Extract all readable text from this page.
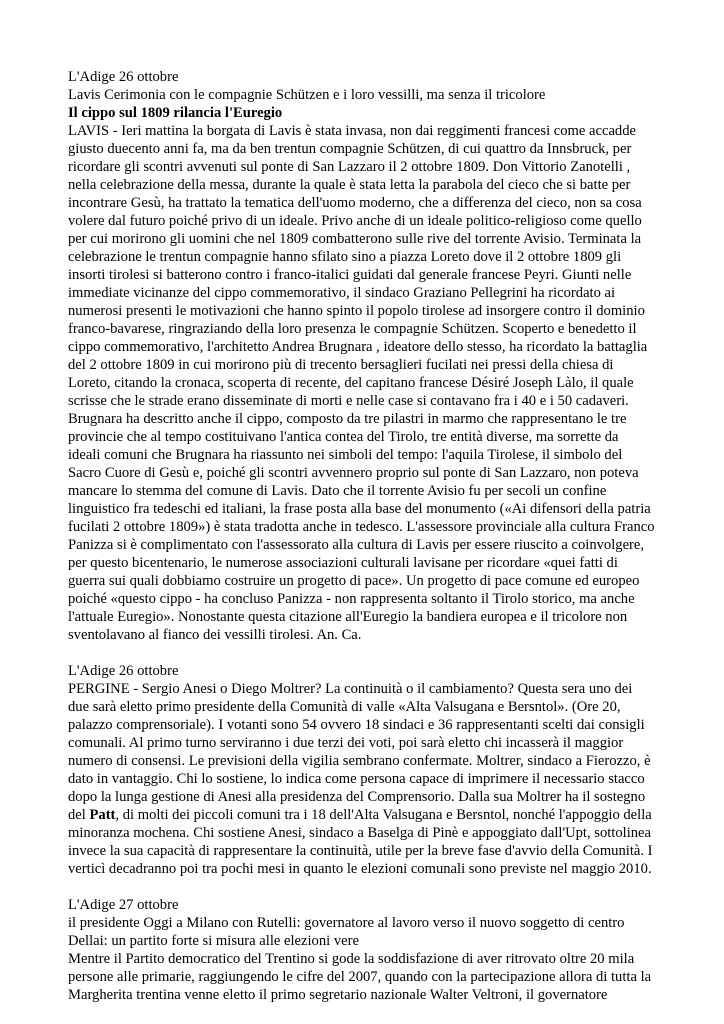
L'Adige 26 ottobre
Lavis Cerimonia con le compagnie Schützen e i loro vessilli, ma senza il tricolore
Il cippo sul 1809 rilancia l'Euregio
LAVIS - Ieri mattina la borgata di Lavis è stata invasa, non dai reggimenti francesi come accadde
giusto duecento anni fa, ma da ben trentun compagnie Schützen, di cui quattro da Innsbruck, per
ricordare gli scontri avvenuti sul ponte di San Lazzaro il 2 ottobre 1809. Don Vittorio Zanotelli ,
nella celebrazione della messa, durante la quale è stata letta la parabola del cieco che si batte per
incontrare Gesù, ha trattato la tematica dell'uomo moderno, che a differenza del cieco, non sa cosa
volere dal futuro poiché privo di un ideale. Privo anche di un ideale politico-religioso come quello
per cui morirono gli uomini che nel 1809 combatterono sulle rive del torrente Avisio. Terminata la
celebrazione le trentun compagnie hanno sfilato sino a piazza Loreto dove il 2 ottobre 1809 gli
insorti tirolesi si batterono contro i franco-italici guidati dal generale francese Peyri. Giunti nelle
immediate vicinanze del cippo commemorativo, il sindaco Graziano Pellegrini ha ricordato ai
numerosi presenti le motivazioni che hanno spinto il popolo tirolese ad insorgere contro il dominio
franco-bavarese, ringraziando della loro presenza le compagnie Schützen. Scoperto e benedetto il
cippo commemorativo, l'architetto Andrea Brugnara , ideatore dello stesso, ha ricordato la battaglia
del 2 ottobre 1809 in cui morirono più di trecento bersaglieri fucilati nei pressi della chiesa di
Loreto, citando la cronaca, scoperta di recente, del capitano francese Désiré Joseph Làlo, il quale
scrisse che le strade erano disseminate di morti e nelle case si contavano fra i 40 e i 50 cadaveri.
Brugnara ha descritto anche il cippo, composto da tre pilastri in marmo che rappresentano le tre
provincie che al tempo costituivano l'antica contea del Tirolo, tre entità diverse, ma sorrette da
ideali comuni che Brugnara ha riassunto nei simboli del tempo: l'aquila Tirolese, il simbolo del
Sacro Cuore di Gesù e, poiché gli scontri avvennero proprio sul ponte di San Lazzaro, non poteva
mancare lo stemma del comune di Lavis. Dato che il torrente Avisio fu per secoli un confine
linguistico fra tedeschi ed italiani, la frase posta alla base del monumento («Ai difensori della patria
fucilati 2 ottobre 1809») è stata tradotta anche in tedesco. L'assessore provinciale alla cultura Franco
Panizza si è complimentato con l'assessorato alla cultura di Lavis per essere riuscito a coinvolgere,
per questo bicentenario, le numerose associazioni culturali lavisane per ricordare «quei fatti di
guerra sui quali dobbiamo costruire un progetto di pace». Un progetto di pace comune ed europeo
poiché «questo cippo - ha concluso Panizza - non rappresenta soltanto il Tirolo storico, ma anche
l'attuale Euregio». Nonostante questa citazione all'Euregio la bandiera europea e il tricolore non
sventolavano al fianco dei vessilli tirolesi. An. Ca.
L'Adige 26 ottobre
PERGINE - Sergio Anesi o Diego Moltrer? La continuità o il cambiamento? Questa sera uno dei
due sarà eletto primo presidente della Comunità di valle «Alta Valsugana e Bersntol». (Ore 20,
palazzo comprensoriale). I votanti sono 54 ovvero 18 sindaci e 36 rappresentanti scelti dai consigli
comunali. Al primo turno serviranno i due terzi dei voti, poi sarà eletto chi incasserà il maggior
numero di consensi. Le previsioni della vigilia sembrano confermate. Moltrer, sindaco a Fierozzo, è
dato in vantaggio. Chi lo sostiene, lo indica come persona capace di imprimere il necessario stacco
dopo la lunga gestione di Anesi alla presidenza del Comprensorio. Dalla sua Moltrer ha il sostegno
del Patt, di molti dei piccoli comuni tra i 18 dell'Alta Valsugana e Bersntol, nonché l'appoggio della
minoranza mochena. Chi sostiene Anesi, sindaco a Baselga di Pinè e appoggiato dall'Upt, sottolinea
invece la sua capacità di rappresentare la continuità, utile per la breve fase d'avvio della Comunità. I
verticì decadranno poi tra pochi mesi in quanto le elezioni comunali sono previste nel maggio 2010.
L'Adige 27 ottobre
il presidente Oggi a Milano con Rutelli: governatore al lavoro verso il nuovo soggetto di centro
Dellai: un partito forte si misura alle elezioni vere
Mentre il Partito democratico del Trentino si gode la soddisfazione di aver ritrovato oltre 20 mila
persone alle primarie, raggiungendo le cifre del 2007, quando con la partecipazione allora di tutta la
Margherita trentina venne eletto il primo segretario nazionale Walter Veltroni, il governatore
